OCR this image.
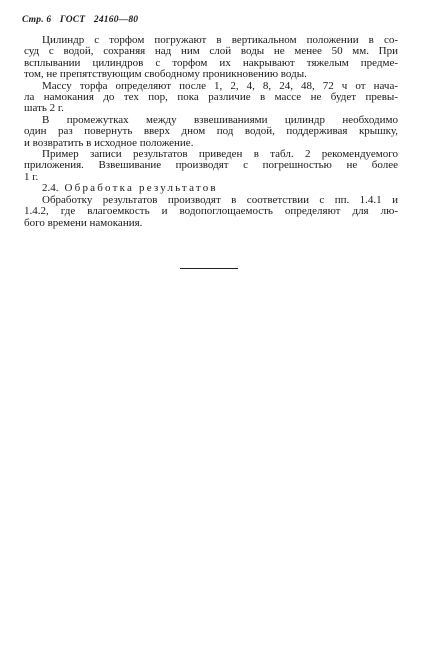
Стр. 6 ГОСТ 24160—80
Цилиндр с торфом погружают в вертикальном положении в со-
суд с водой, сохраняя над ним слой воды не менее 50 мм. При
всплывании цилиндров с торфом их накрывают тяжелым предме-
том, не препятствующим свободному проникновению воды.
Массу торфа определяют после 1, 2, 4, 8, 24, 48, 72 ч от нача-
ла намокания до тех пор, пока различие в массе не будет превы-
шать 2 г.
В промежутках между взвешиваниями цилиндр необходимо
один раз повернуть вверх дном под водой, поддерживая крышку,
и возвратить в исходное положение.
Пример записи результатов приведен в табл. 2 рекомендуемого
приложения. Взвешивание производят с погрешностью не более
1 г.
2.4. Обработка результатов
Обработку результатов производят в соответствии с пп. 1.4.1 и
1.4.2, где влагоемкость и водопоглощаемость определяют для лю-
бого времени намокания.
